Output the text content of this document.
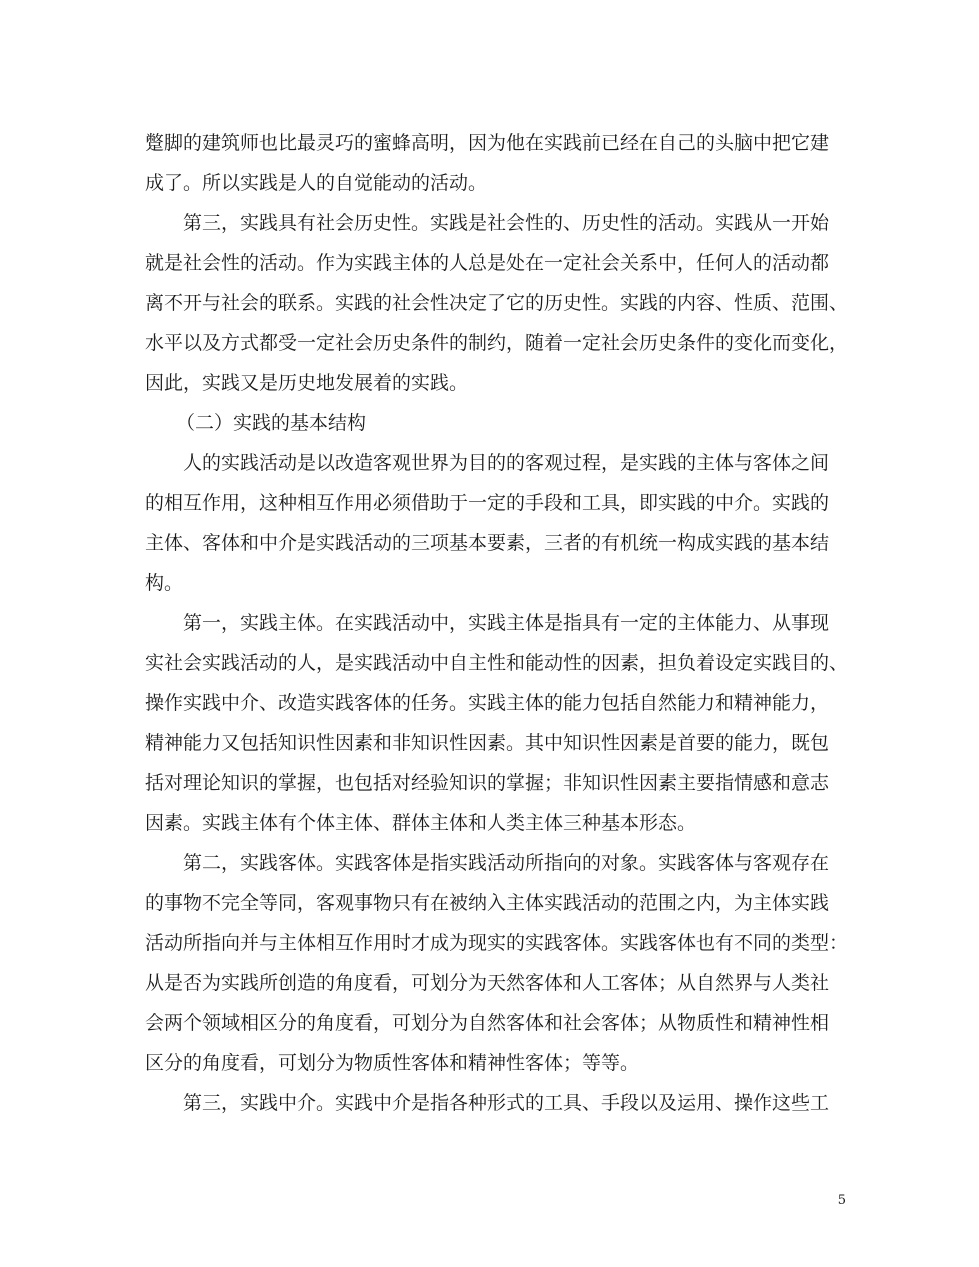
蹩脚的建筑师也比最灵巧的蜜蜂高明，因为他在实践前已经在自己的头脑中把它建
成了。所以实践是人的自觉能动的活动。
第三，实践具有社会历史性。实践是社会性的、历史性的活动。实践从一开始
就是社会性的活动。作为实践主体的人总是处在一定社会关系中，任何人的活动都
离不开与社会的联系。实践的社会性决定了它的历史性。实践的内容、性质、范围、
水平以及方式都受一定社会历史条件的制约，随着一定社会历史条件的变化而变化，
因此，实践又是历史地发展着的实践。
（二）实践的基本结构
人的实践活动是以改造客观世界为目的的客观过程，是实践的主体与客体之间
的相互作用，这种相互作用必须借助于一定的手段和工具，即实践的中介。实践的
主体、客体和中介是实践活动的三项基本要素，三者的有机统一构成实践的基本结
构。
第一，实践主体。在实践活动中，实践主体是指具有一定的主体能力、从事现
实社会实践活动的人，是实践活动中自主性和能动性的因素，担负着设定实践目的、
操作实践中介、改造实践客体的任务。实践主体的能力包括自然能力和精神能力，
精神能力又包括知识性因素和非知识性因素。其中知识性因素是首要的能力，既包
括对理论知识的掌握，也包括对经验知识的掌握；非知识性因素主要指情感和意志
因素。实践主体有个体主体、群体主体和人类主体三种基本形态。
第二，实践客体。实践客体是指实践活动所指向的对象。实践客体与客观存在
的事物不完全等同，客观事物只有在被纳入主体实践活动的范围之内，为主体实践
活动所指向并与主体相互作用时才成为现实的实践客体。实践客体也有不同的类型：
从是否为实践所创造的角度看，可划分为天然客体和人工客体；从自然界与人类社
会两个领域相区分的角度看，可划分为自然客体和社会客体；从物质性和精神性相
区分的角度看，可划分为物质性客体和精神性客体；等等。
第三，实践中介。实践中介是指各种形式的工具、手段以及运用、操作这些工
5
